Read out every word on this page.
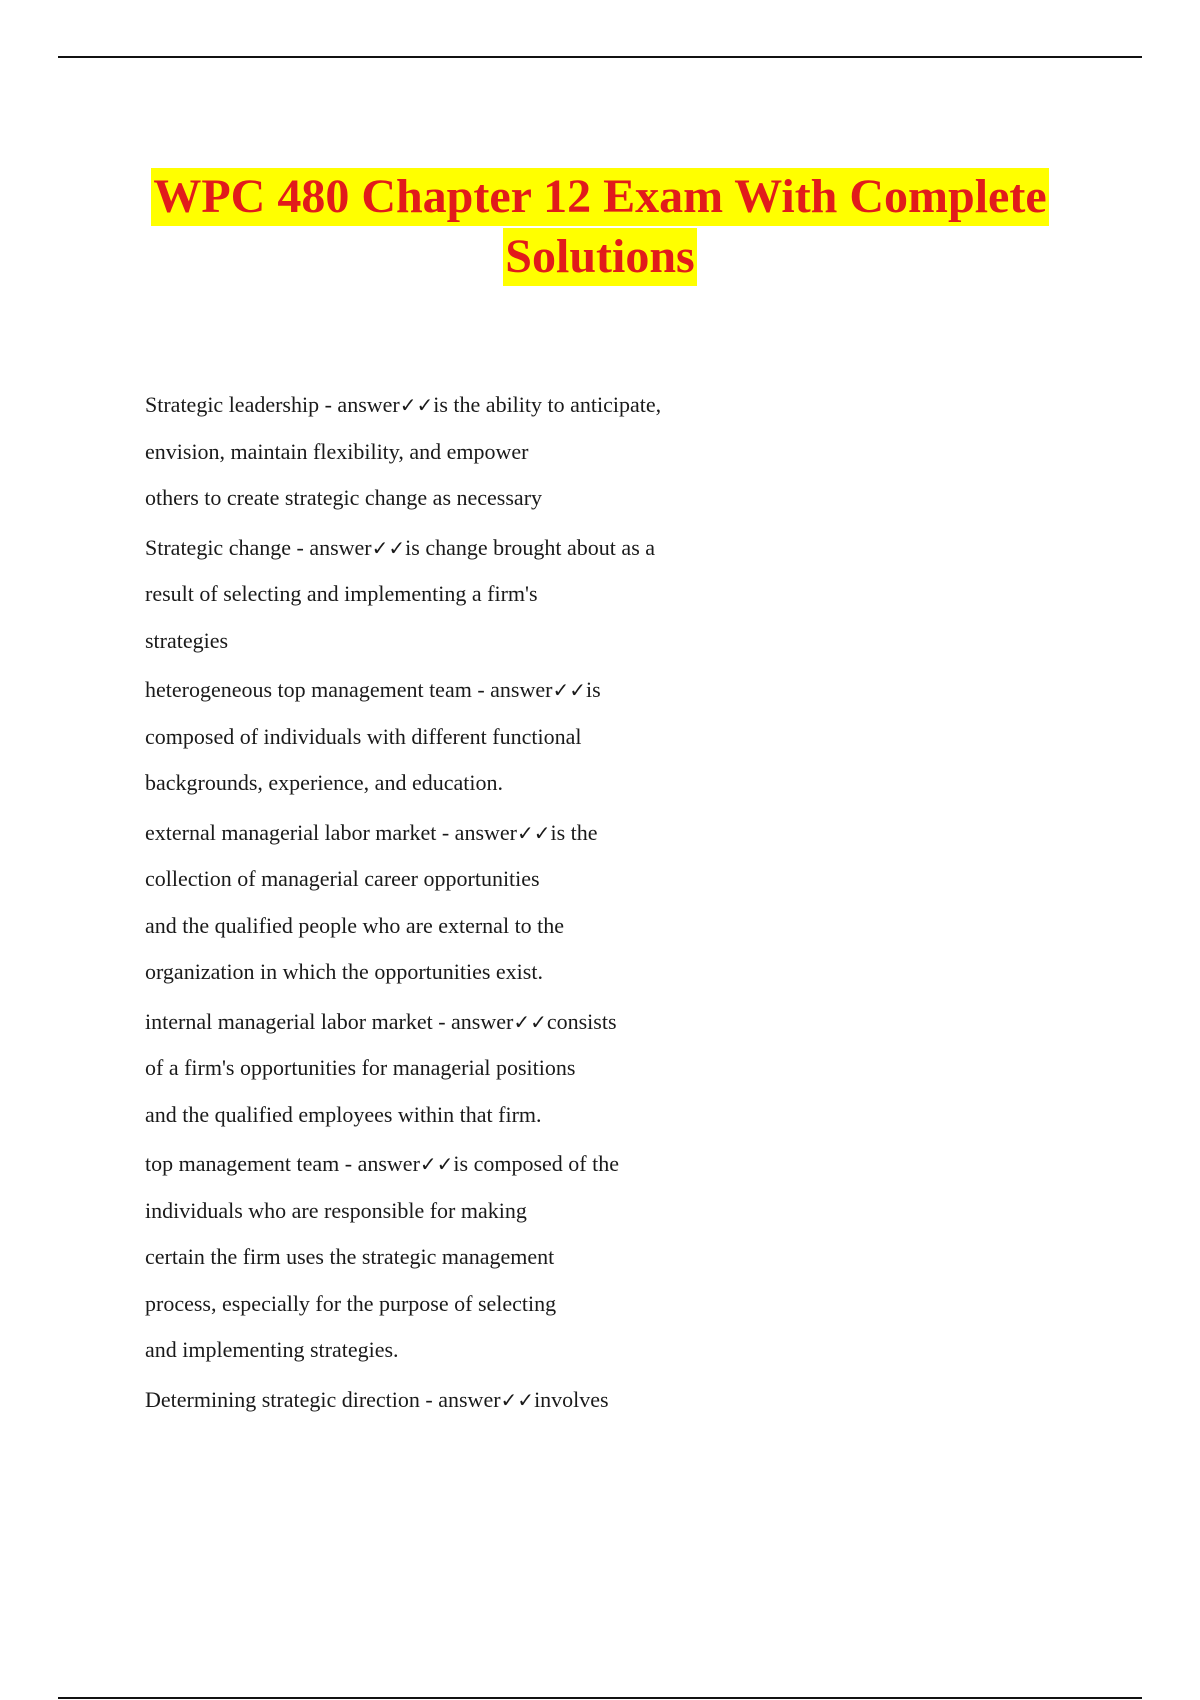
WPC 480 Chapter 12 Exam With Complete
Solutions
Strategic leadership - answer✓✓is the ability to anticipate,
envision, maintain flexibility, and empower
others to create strategic change as necessary
Strategic change - answer✓✓is change brought about as a
result of selecting and implementing a firm's
strategies
heterogeneous top management team - answer✓✓is
composed of individuals with different functional
backgrounds, experience, and education.
external managerial labor market - answer✓✓is the
collection of managerial career opportunities
and the qualified people who are external to the
organization in which the opportunities exist.
internal managerial labor market - answer✓✓consists
of a firm's opportunities for managerial positions
and the qualified employees within that firm.
top management team - answer✓✓is composed of the
individuals who are responsible for making
certain the firm uses the strategic management
process, especially for the purpose of selecting
and implementing strategies.
Determining strategic direction - answer✓✓involves
